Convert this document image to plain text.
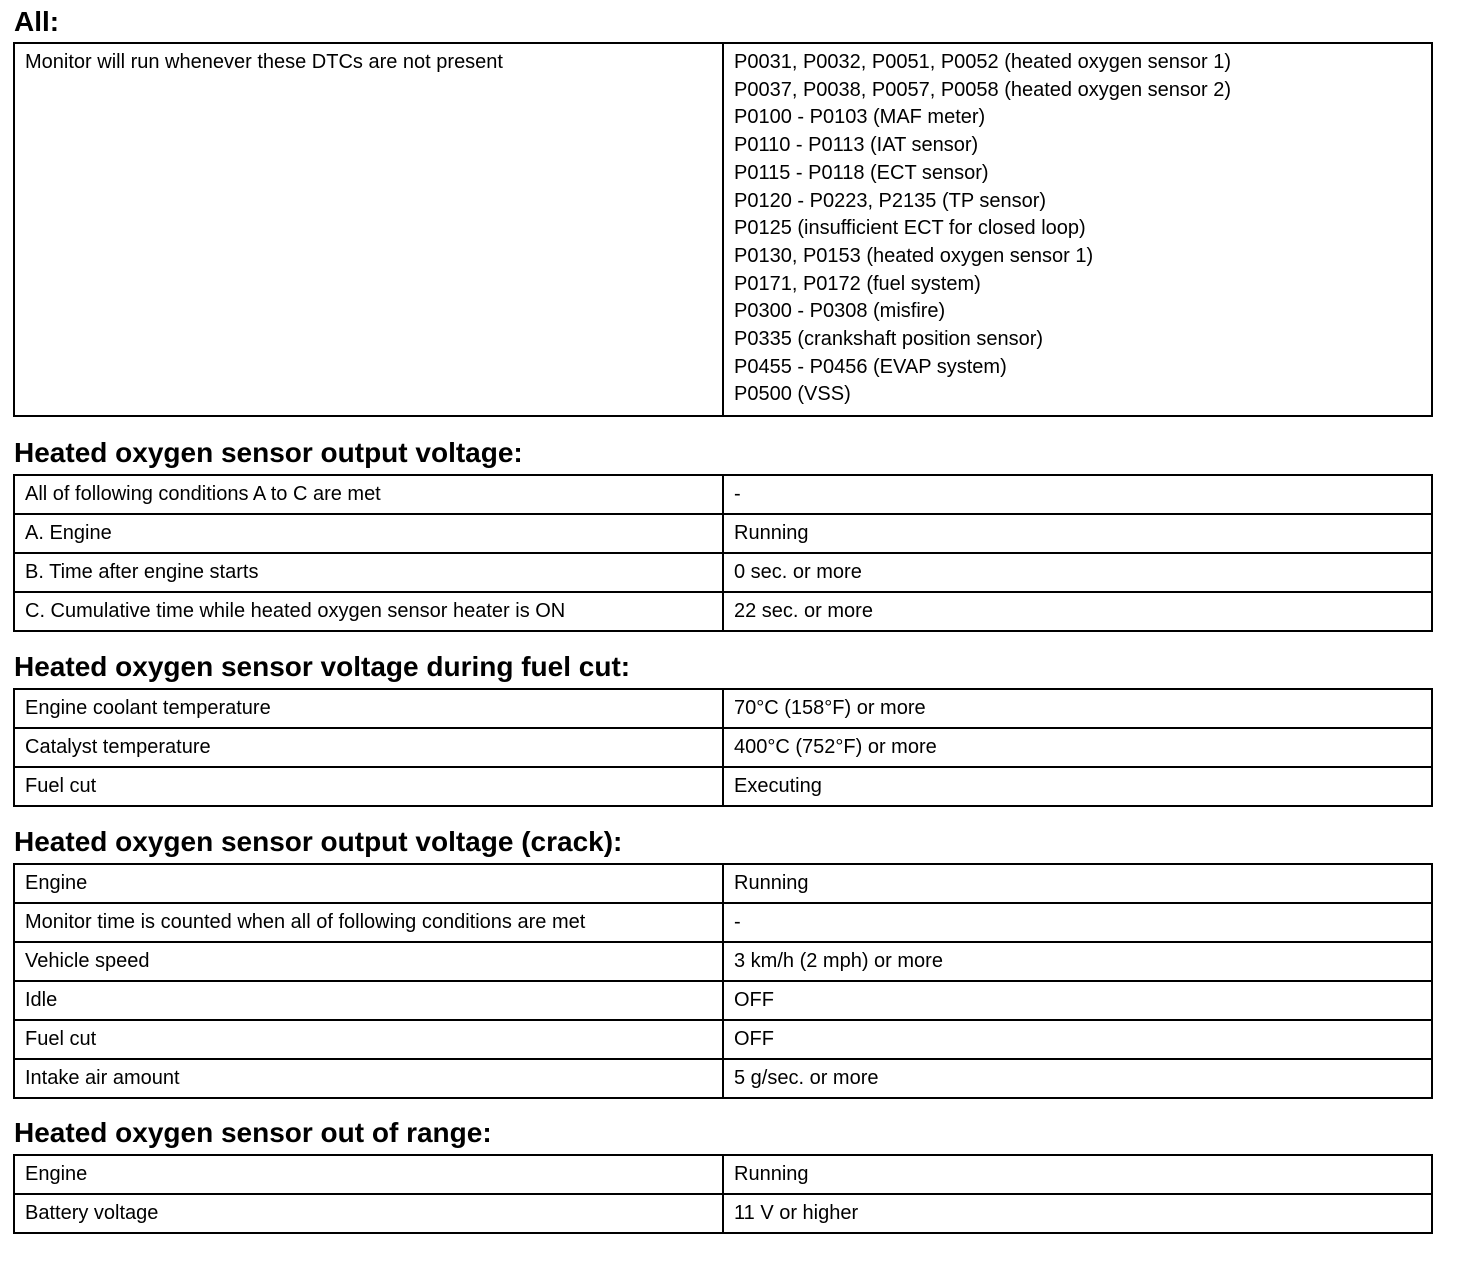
All:
Monitor will run whenever these DTCs are not present	P0031, P0032, P0051, P0052 (heated oxygen sensor 1)
P0037, P0038, P0057, P0058 (heated oxygen sensor 2)
P0100 - P0103 (MAF meter)
P0110 - P0113 (IAT sensor)
P0115 - P0118 (ECT sensor)
P0120 - P0223, P2135 (TP sensor)
P0125 (insufficient ECT for closed loop)
P0130, P0153 (heated oxygen sensor 1)
P0171, P0172 (fuel system)
P0300 - P0308 (misfire)
P0335 (crankshaft position sensor)
P0455 - P0456 (EVAP system)
P0500 (VSS)
Heated oxygen sensor output voltage:
All of following conditions A to C are met	-
A. Engine	Running
B. Time after engine starts	0 sec. or more
C. Cumulative time while heated oxygen sensor heater is ON	22 sec. or more
Heated oxygen sensor voltage during fuel cut:
Engine coolant temperature	70°C (158°F) or more
Catalyst temperature	400°C (752°F) or more
Fuel cut	Executing
Heated oxygen sensor output voltage (crack):
Engine	Running
Monitor time is counted when all of following conditions are met	-
Vehicle speed	3 km/h (2 mph) or more
Idle	OFF
Fuel cut	OFF
Intake air amount	5 g/sec. or more
Heated oxygen sensor out of range:
Engine	Running
Battery voltage	11 V or higher
